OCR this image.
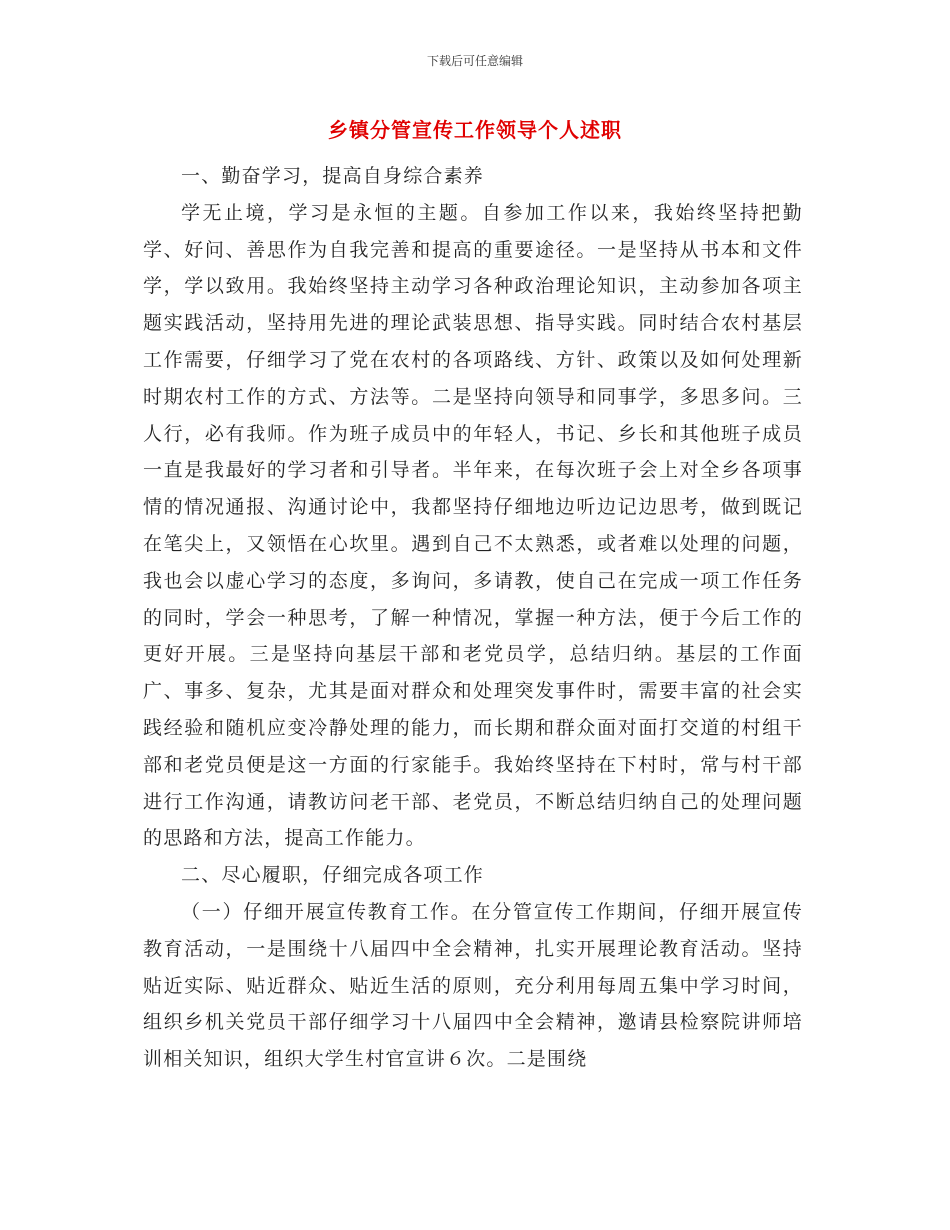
下载后可任意编辑
乡镇分管宣传工作领导个人述职

一、勤奋学习，提高自身综合素养

学无止境，学习是永恒的主题。自参加工作以来，我始终坚持把勤学、好问、善思作为自我完善和提高的重要途径。一是坚持从书本和文件学，学以致用。我始终坚持主动学习各种政治理论知识，主动参加各项主题实践活动，坚持用先进的理论武装思想、指导实践。同时结合农村基层工作需要，仔细学习了党在农村的各项路线、方针、政策以及如何处理新时期农村工作的方式、方法等。二是坚持向领导和同事学，多思多问。三人行，必有我师。作为班子成员中的年轻人，书记、乡长和其他班子成员一直是我最好的学习者和引导者。半年来，在每次班子会上对全乡各项事情的情况通报、沟通讨论中，我都坚持仔细地边听边记边思考，做到既记在笔尖上，又领悟在心坎里。遇到自己不太熟悉，或者难以处理的问题，我也会以虚心学习的态度，多询问，多请教，使自己在完成一项工作任务的同时，学会一种思考，了解一种情况，掌握一种方法，便于今后工作的更好开展。三是坚持向基层干部和老党员学，总结归纳。基层的工作面广、事多、复杂，尤其是面对群众和处理突发事件时，需要丰富的社会实践经验和随机应变冷静处理的能力，而长期和群众面对面打交道的村组干部和老党员便是这一方面的行家能手。我始终坚持在下村时，常与村干部进行工作沟通，请教访问老干部、老党员，不断总结归纳自己的处理问题的思路和方法，提高工作能力。

二、尽心履职，仔细完成各项工作

（一）仔细开展宣传教育工作。在分管宣传工作期间，仔细开展宣传教育活动，一是围绕十八届四中全会精神，扎实开展理论教育活动。坚持贴近实际、贴近群众、贴近生活的原则，充分利用每周五集中学习时间，组织乡机关党员干部仔细学习十八届四中全会精神，邀请县检察院讲师培训相关知识，组织大学生村官宣讲６次。二是围绕
